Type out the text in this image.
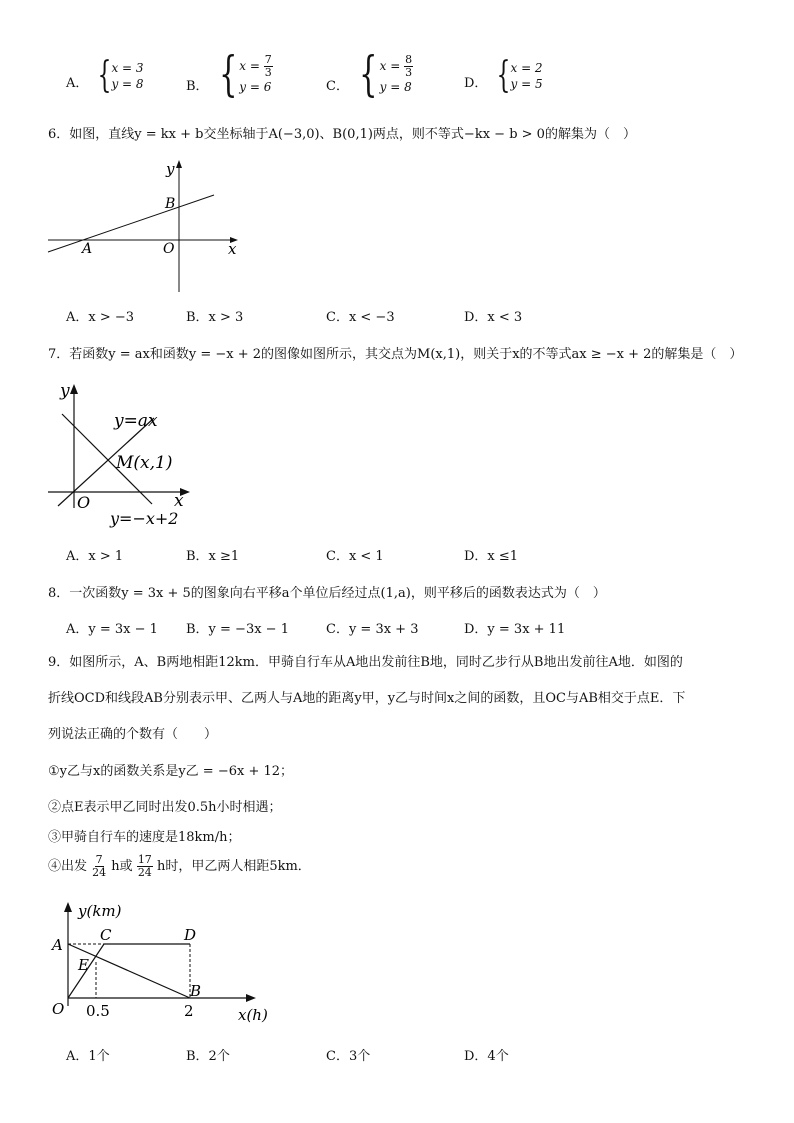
A． { x = 3
y = 8	B． { $x = \frac{7}{3}$
y = 6	C． { $x = \frac{8}{3}$
y = 8	D． { x = 2
y = 5
6．如图，直线y = kx + b交坐标轴于A(−3,0)、B(0,1)两点，则不等式−kx − b > 0的解集为（　）
y
x
B
A	O
A．x > −3	B．x > 3	C．x < −3	D．x < 3
7．若函数y = ax和函数y = −x + 2的图像如图所示，其交点为M(x,1)，则关于x的不等式ax ≥ −x + 2的解集是（　）
y
x
y=ax
M(x,1)
O
y=−x+2
A．x > 1	B．x ≥1	C．x < 1	D．x ≤1
8．一次函数y = 3x + 5的图象向右平移a个单位后经过点(1,a)，则平移后的函数表达式为（　）
A．y = 3x − 1 B．y = −3x − 1	C．y = 3x + 3	D．y = 3x + 11
9．如图所示，A、B两地相距12km．甲骑自行车从A地出发前往B地，同时乙步行从B地出发前往A地．如图的
折线OCD和线段AB分别表示甲、乙两人与A地的距离y甲，y乙与时间x之间的函数，且OC与AB相交于点E．下
列说法正确的个数有（　　）
①y乙与x的函数关系是y乙 = −6x + 12；
②点E表示甲乙同时出发0.5h小时相遇；
③甲骑自行车的速度是18km/h；
④出发 $\frac{7}{24}$ h或 $\frac{17}{24}$ h时，甲乙两人相距5km．
y(km)
A
C	D
E
B
O 0.5	2	x(h)
A．1个	B．2个	C．3个	D．4个
